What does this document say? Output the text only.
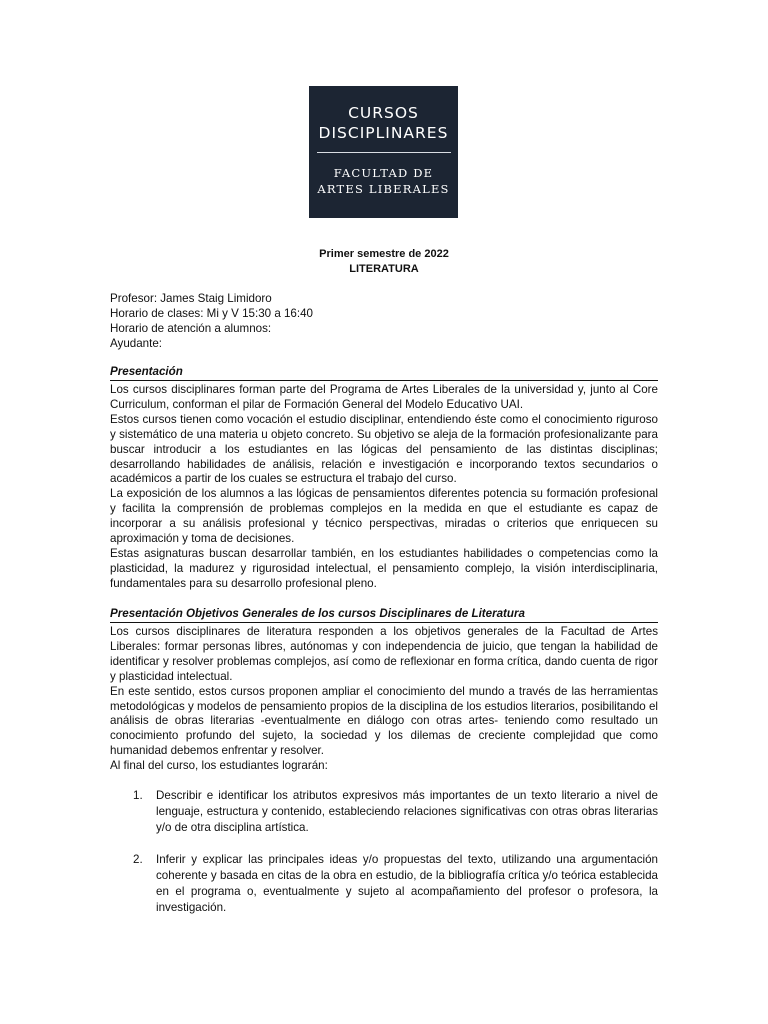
CURSOS
DISCIPLINARES
FACULTAD DE
ARTES LIBERALES
Primer semestre de 2022
LITERATURA
Profesor: James Staig Limidoro
Horario de clases: Mi y V 15:30 a 16:40
Horario de atención a alumnos:
Ayudante:
Presentación

Los cursos disciplinares forman parte del Programa de Artes Liberales de la universidad y, junto al Core Curriculum, conforman el pilar de Formación General del Modelo Educativo UAI.

Estos cursos tienen como vocación el estudio disciplinar, entendiendo éste como el conocimiento riguroso y sistemático de una materia u objeto concreto. Su objetivo se aleja de la formación profesionalizante para buscar introducir a los estudiantes en las lógicas del pensamiento de las distintas disciplinas; desarrollando habilidades de análisis, relación e investigación e incorporando textos secundarios o académicos a partir de los cuales se estructura el trabajo del curso.

La exposición de los alumnos a las lógicas de pensamientos diferentes potencia su formación profesional y facilita la comprensión de problemas complejos en la medida en que el estudiante es capaz de incorporar a su análisis profesional y técnico perspectivas, miradas o criterios que enriquecen su aproximación y toma de decisiones.

Estas asignaturas buscan desarrollar también, en los estudiantes habilidades o competencias como la plasticidad, la madurez y rigurosidad intelectual, el pensamiento complejo, la visión interdisciplinaria, fundamentales para su desarrollo profesional pleno.

Presentación Objetivos Generales de los cursos Disciplinares de Literatura

Los cursos disciplinares de literatura responden a los objetivos generales de la Facultad de Artes Liberales: formar personas libres, autónomas y con independencia de juicio, que tengan la habilidad de identificar y resolver problemas complejos, así como de reflexionar en forma crítica, dando cuenta de rigor y plasticidad intelectual.

En este sentido, estos cursos proponen ampliar el conocimiento del mundo a través de las herramientas metodológicas y modelos de pensamiento propios de la disciplina de los estudios literarios, posibilitando el análisis de obras literarias -eventualmente en diálogo con otras artes- teniendo como resultado un conocimiento profundo del sujeto, la sociedad y los dilemas de creciente complejidad que como humanidad debemos enfrentar y resolver.

Al final del curso, los estudiantes lograrán:

1. Describir e identificar los atributos expresivos más importantes de un texto literario a nivel de lenguaje, estructura y contenido, estableciendo relaciones significativas con otras obras literarias y/o de otra disciplina artística.
2. Inferir y explicar las principales ideas y/o propuestas del texto, utilizando una argumentación coherente y basada en citas de la obra en estudio, de la bibliografía crítica y/o teórica establecida en el programa o, eventualmente y sujeto al acompañamiento del profesor o profesora, la investigación.
